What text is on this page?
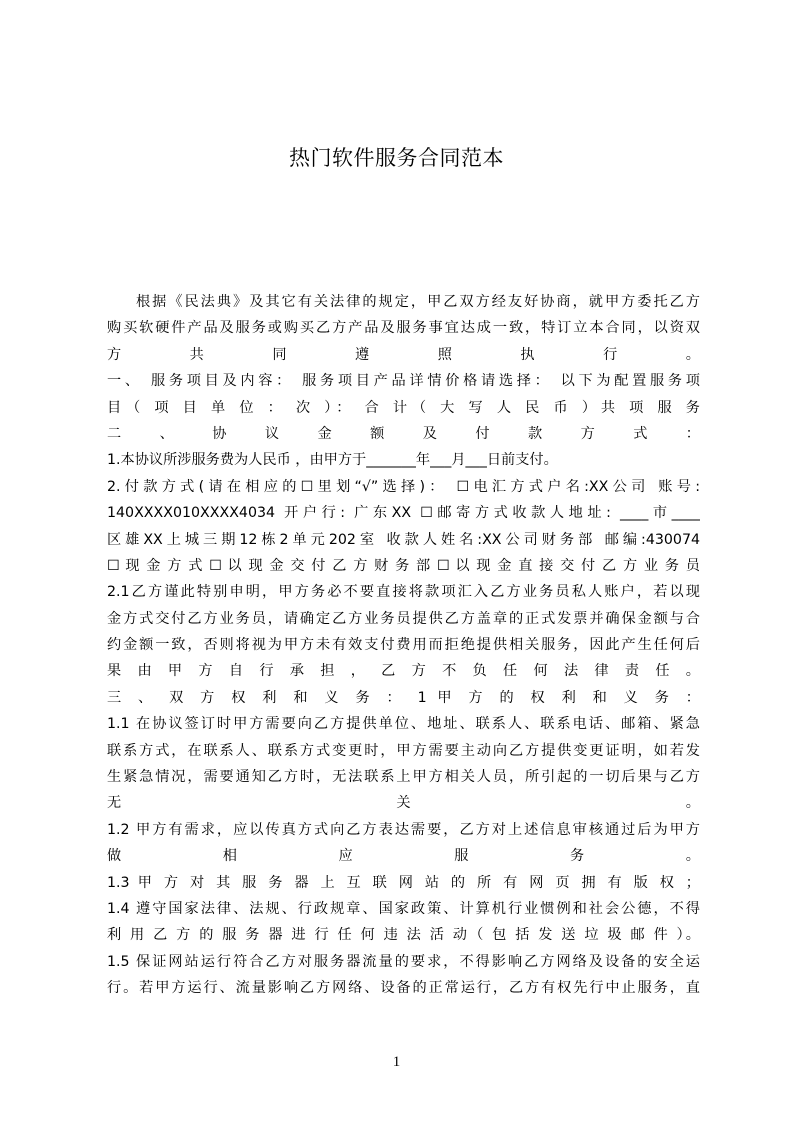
热门软件服务合同范本
根据《民法典》及其它有关法律的规定，甲乙双方经友好协商，就甲方委托乙方
购买软硬件产品及服务或购买乙方产品及服务事宜达成一致，特订立本合同，以资双
方 共 同 遵 照 执 行 。
一、 服务项目及内容： 服务项目产品详情价格请选择： 以下为配置服务项
目（ 项 目 单 位 ： 次 ）： 合 计（ 大 写 人 民 币 ）共 项 服 务
二 、 协 议 金 额 及 付 款 方 式 ：
1.本协议所涉服务费为人民币 ，由甲方于_______年___月___日前支付。
2.付款方式(请在相应的☐里划“√”选择)： ☐电汇方式户名:XX公司 账号:
140XXXX010XXXX4034 开户行: 广东XX ☐邮寄方式收款人地址: ____市____
区雄XX上城三期12栋2单元202室 收款人姓名:XX公司财务部 邮编:430074
☐ 现 金 方 式 ☐ 以 现 金 交 付 乙 方 财 务 部 ☐ 以 现 金 直 接 交 付 乙 方 业 务 员
2.1乙方谨此特别申明，甲方务必不要直接将款项汇入乙方业务员私人账户，若以现
金方式交付乙方业务员，请确定乙方业务员提供乙方盖章的正式发票并确保金额与合
约金额一致，否则将视为甲方未有效支付费用而拒绝提供相关服务，因此产生任何后
果 由 甲 方 自 行 承 担 ， 乙 方 不 负 任 何 法 律 责 任 。
三 、 双 方 权 利 和 义 务 ： 1 甲 方 的 权 利 和 义 务 ：
1.1 在协议签订时甲方需要向乙方提供单位、地址、联系人、联系电话、邮箱、紧急
联系方式，在联系人、联系方式变更时，甲方需要主动向乙方提供变更证明，如若发
生紧急情况，需要通知乙方时，无法联系上甲方相关人员，所引起的一切后果与乙方
无 关 。
1.2 甲方有需求，应以传真方式向乙方表达需要，乙方对上述信息审核通过后为甲方
做 相 应 服 务 。
1.3 甲 方 对 其 服 务 器 上 互 联 网 站 的 所 有 网 页 拥 有 版 权 ；
1.4 遵守国家法律、法规、行政规章、国家政策、计算机行业惯例和社会公德，不得
利 用 乙 方 的 服 务 器 进 行 任 何 违 法 活 动（ 包 括 发 送 垃 圾 邮 件 ）。
1.5 保证网站运行符合乙方对服务器流量的要求，不得影响乙方网络及设备的安全运
行。若甲方运行、流量影响乙方网络、设备的正常运行，乙方有权先行中止服务，直
1
